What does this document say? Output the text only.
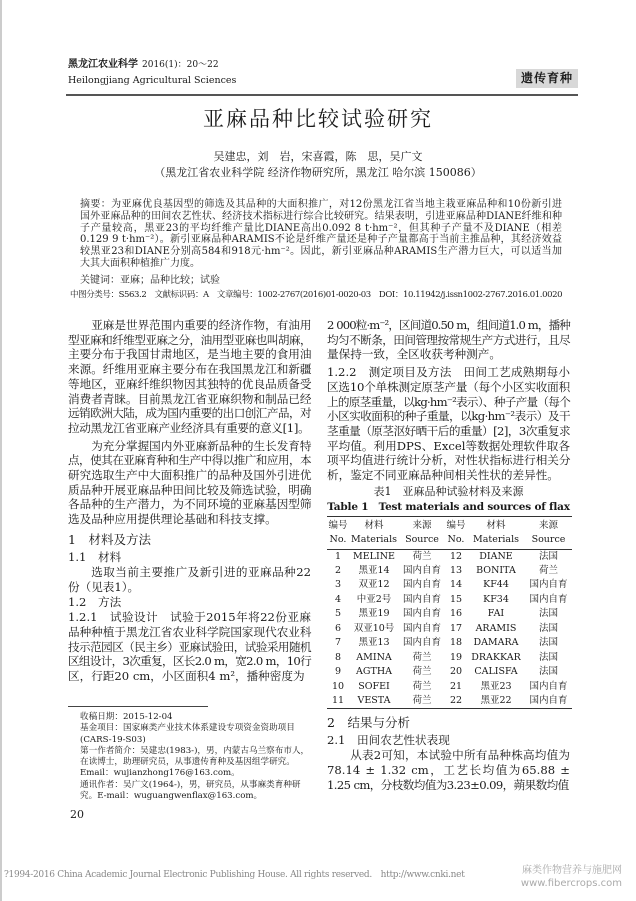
黑龙江农业科学 2016(1)：20～22
Heilongjiang Agricultural Sciences	遗传育种
亚麻品种比较试验研究
吴建忠，刘　岩，宋喜霞，陈　思，吴广文
（黑龙江省农业科学院 经济作物研究所，黑龙江 哈尔滨 150086）
摘要：为亚麻优良基因型的筛选及其品种的大面积推广，对12份黑龙江省当地主栽亚麻品种和10份新引进
国外亚麻品种的田间农艺性状、经济技术指标进行综合比较研究。结果表明，引进亚麻品种DIANE纤维和种
子产量较高，黑亚23的平均纤维产量比DIANE高出0.092 8 t·hm⁻²，但其种子产量不及DIANE（相差
0.129 9 t·hm⁻²）。新引亚麻品种ARAMIS不论是纤维产量还是种子产量都高于当前主推品种，其经济效益
较黑亚23和DIANE分别高584和918元·hm⁻²。因此，新引亚麻品种ARAMIS生产潜力巨大，可以适当加
大其大面积种植推广力度。
关键词：亚麻；品种比较；试验
中图分类号：S563.2　文献标识码：A　文章编号：1002-2767(2016)01-0020-03　DOI：10.11942/j.issn1002-2767.2016.01.0020
亚麻是世界范围内重要的经济作物，有油用
型亚麻和纤维型亚麻之分，油用型亚麻也叫胡麻，
主要分布于我国甘肃地区，是当地主要的食用油
来源。纤维用亚麻主要分布在我国黑龙江和新疆
等地区，亚麻纤维织物因其独特的优良品质备受
消费者青睐。目前黑龙江省亚麻织物和制品已经
远销欧洲大陆，成为国内重要的出口创汇产品，对
拉动黑龙江省亚麻产业经济具有重要的意义[1]。
为充分掌握国内外亚麻新品种的生长发育特
点，使其在亚麻育种和生产中得以推广和应用，本
研究选取生产中大面积推广的品种及国外引进优
质品种开展亚麻品种田间比较及筛选试验，明确
各品种的生产潜力，为不同环境的亚麻基因型筛
选及品种应用提供理论基础和科技支撑。
1　材料及方法
1.1　材料
选取当前主要推广及新引进的亚麻品种22
份（见表1）。
1.2　方法
1.2.1　试验设计　试验于2015年将22份亚麻
品种种植于黑龙江省农业科学院国家现代农业科
技示范园区（民主乡）亚麻试验田，试验采用随机
区组设计，3次重复，区长2.0 m，宽2.0 m，10行
区，行距20 cm，小区面积4 m²，播种密度为
收稿日期：2015-12-04
基金项目：国家麻类产业技术体系建设专项资金资助项目(CARS-19-S03)
第一作者简介：吴建忠(1983-)，男，内蒙古乌兰察布市人，在读博士，助理研究员，从事遗传育种及基因组学研究。Email：wujianzhong176@163.com。
通讯作者：吴广文(1964-)，男，研究员，从事麻类育种研究。E-mail：wuguangwenflax@163.com。
20
2 000粒·m⁻²，区间道0.50 m，组间道1.0 m，播种
均匀不断条，田间管理按常规生产方式进行，且尽
量保持一致，全区收获考种测产。
1.2.2　测定项目及方法　田间工艺成熟期每小
区选10个单株测定原茎产量（每个小区实收面积
上的原茎重量，以kg·hm⁻²表示）、种子产量（每个
小区实收面积的种子重量，以kg·hm⁻²表示）及干
茎重量（原茎沤好晒干后的重量）[2]，3次重复求
平均值。利用DPS、Excel等数据处理软件取各
项平均值进行统计分析，对性状指标进行相关分
析，鉴定不同亚麻品种间相关性状的差异性。
表1　亚麻品种试验材料及来源
Table 1　Test materials and sources of flax
编号	材料	来源	编号	材料	来源
No.	Materials	Source	No.	Materials	Source
1	MELINE	荷兰	12	DIANE	法国
2	黑亚14	国内自育	13	BONITA	荷兰
3	双亚12	国内自育	14	KF44	国内自育
4	中亚2号	国内自育	15	KF34	国内自育
5	黑亚19	国内自育	16	FAI	法国
6	双亚10号	国内自育	17	ARAMIS	法国
7	黑亚13	国内自育	18	DAMARA	法国
8	AMINA	荷兰	19	DRAKKAR	法国
9	AGTHA	荷兰	20	CALISFA	法国
10	SOFEI	荷兰	21	黑亚23	国内自育
11	VESTA	荷兰	22	黑亚22	国内自育
2　结果与分析
2.1　田间农艺性状表现
从表2可知，本试验中所有品种株高均值为
78.14 ± 1.32 cm，工艺长均值为65.88 ±
1.25 cm，分枝数均值为3.23±0.09，蒴果数均值
?1994-2016 China Academic Journal Electronic Publishing House. All rights reserved.　http://www.cnki.net	麻类作物营养与施肥网
www.fibercrops.com
